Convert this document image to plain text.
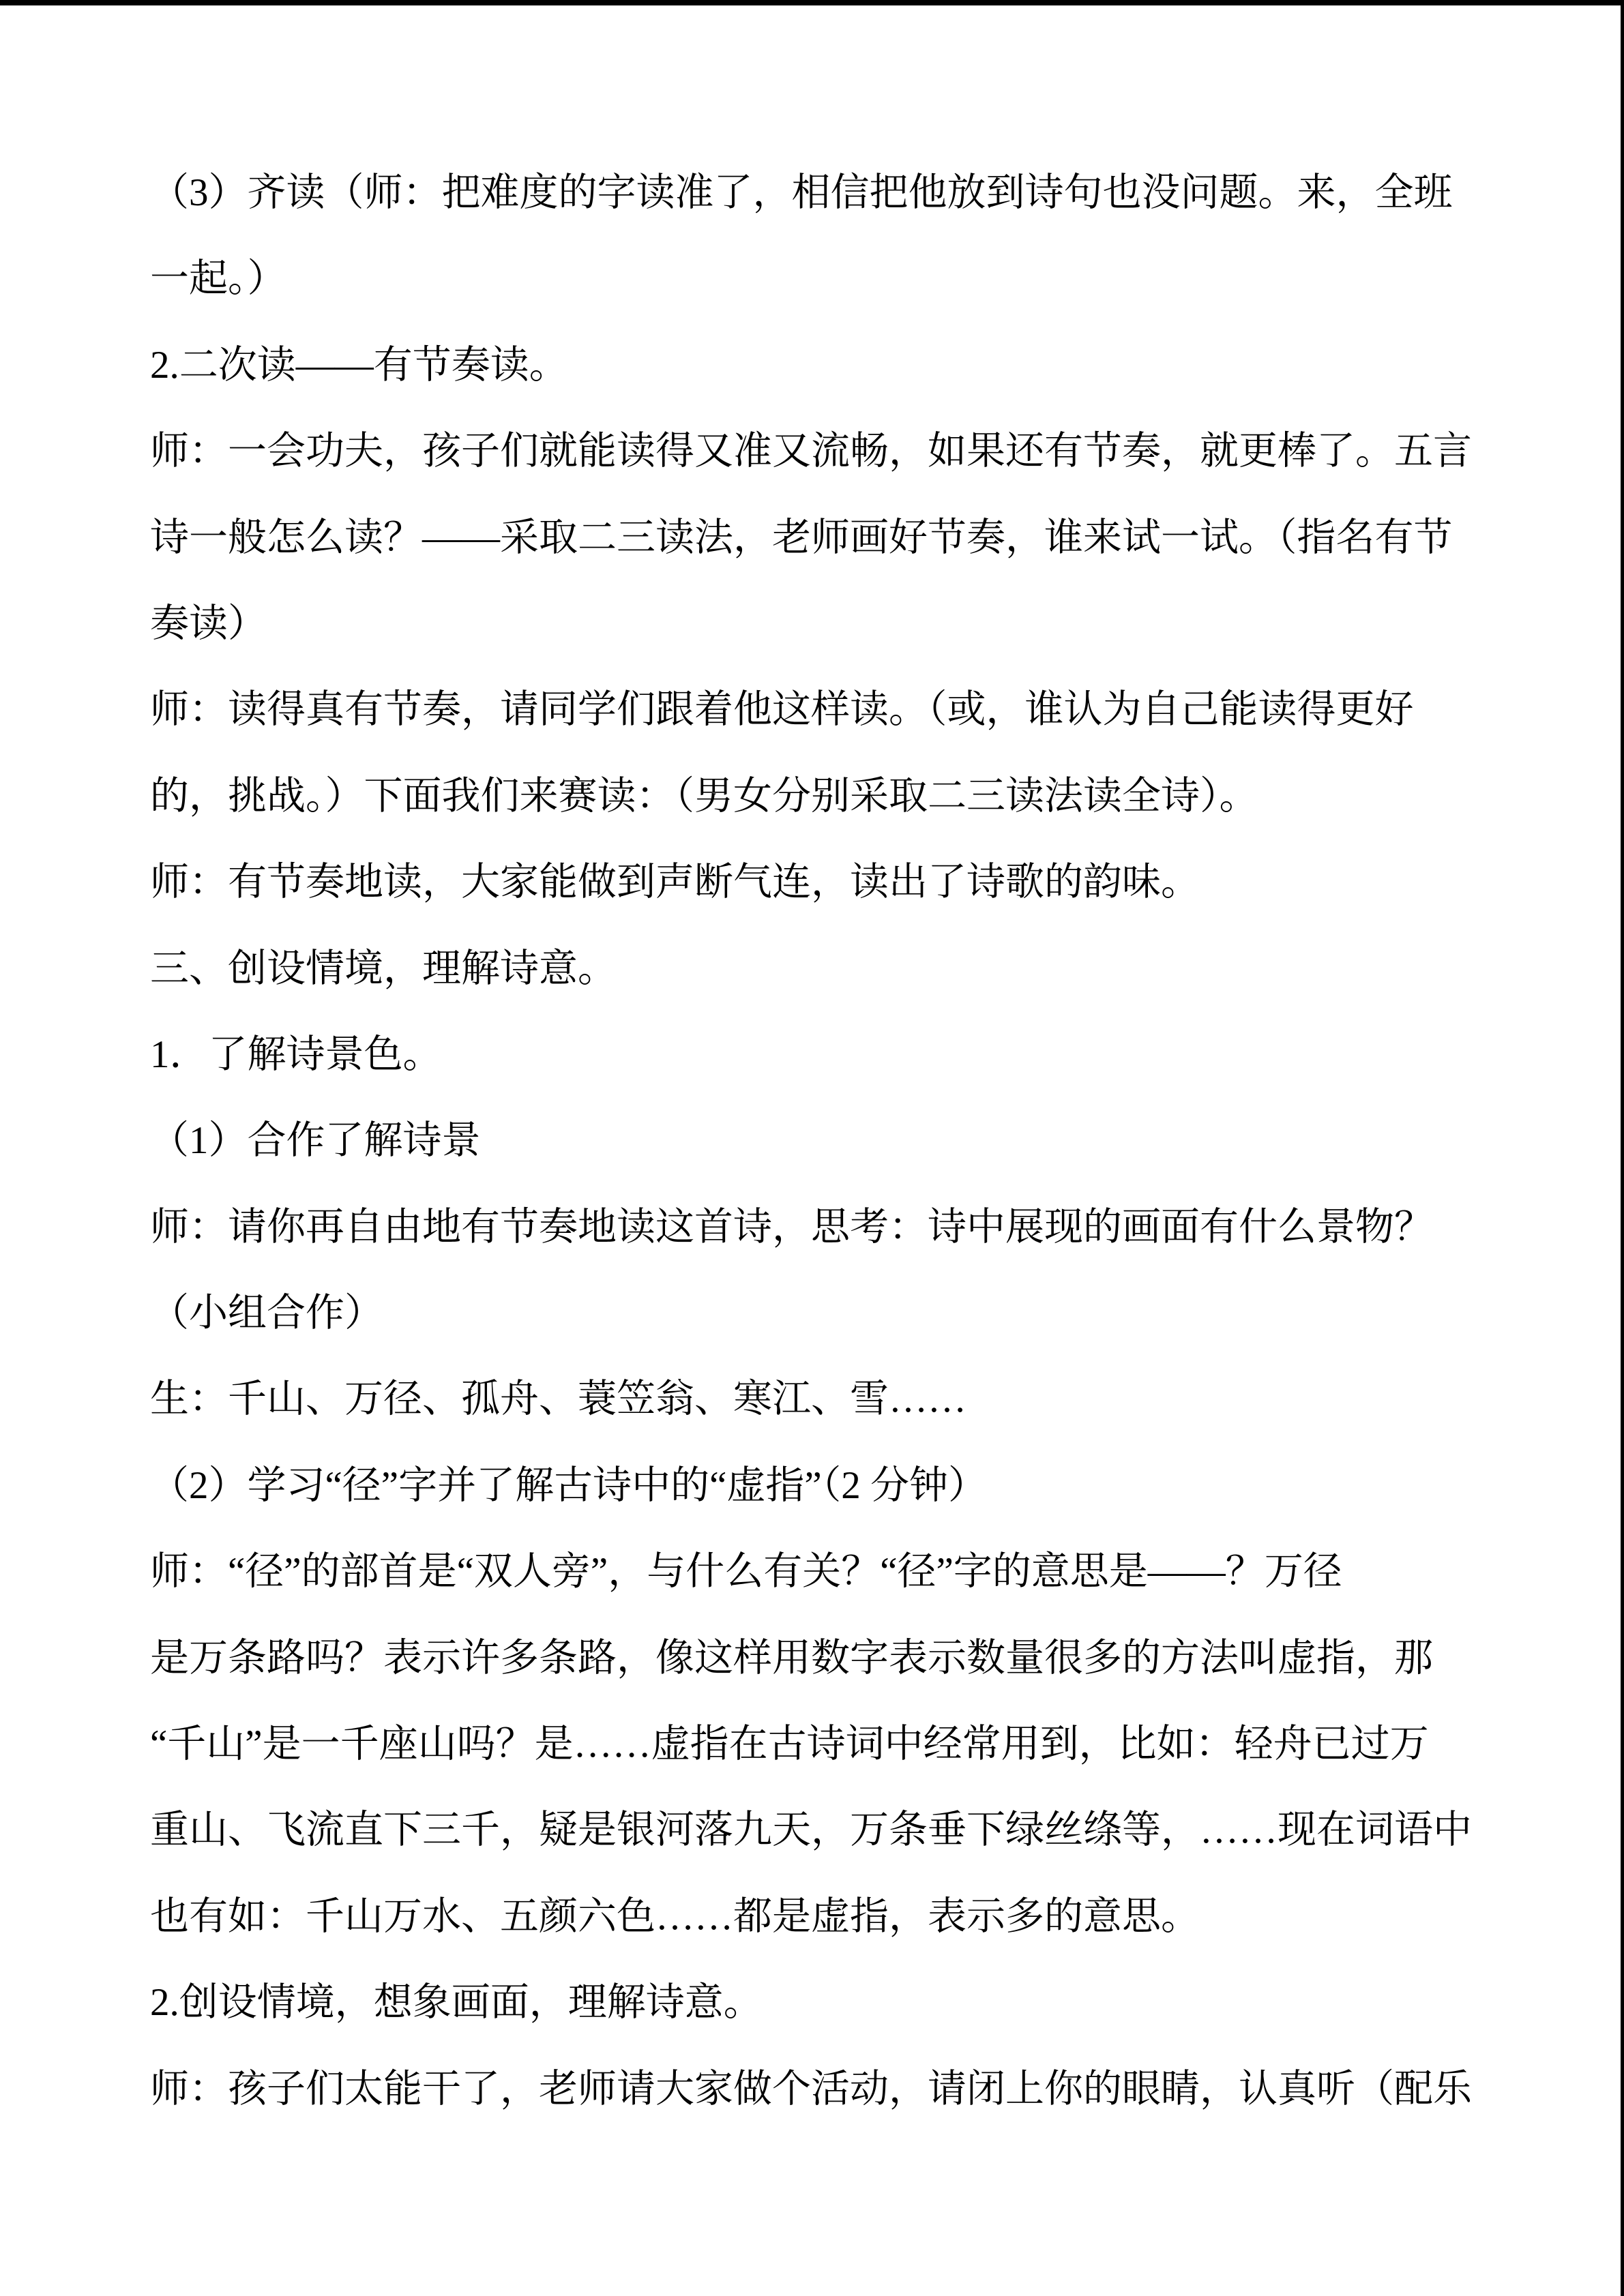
（3）齐读（师：把难度的字读准了，相信把他放到诗句也没问题。来，全班
一起。）
2.二次读——有节奏读。
师：一会功夫，孩子们就能读得又准又流畅，如果还有节奏，就更棒了。五言
诗一般怎么读？——采取二三读法，老师画好节奏，谁来试一试。（指名有节
奏读）
师：读得真有节奏，请同学们跟着他这样读。（或，谁认为自己能读得更好
的，挑战。）下面我们来赛读：（男女分别采取二三读法读全诗）。
师：有节奏地读，大家能做到声断气连，读出了诗歌的韵味。
三、创设情境，理解诗意。
1．了解诗景色。
（1）合作了解诗景
师：请你再自由地有节奏地读这首诗，思考：诗中展现的画面有什么景物？
（小组合作）
生：千山、万径、孤舟、蓑笠翁、寒江、雪……
（2）学习“径”字并了解古诗中的“虚指”（2 分钟）
师：“径”的部首是“双人旁”，与什么有关？“径”字的意思是——？万径
是万条路吗？表示许多条路，像这样用数字表示数量很多的方法叫虚指，那
“千山”是一千座山吗？是……虚指在古诗词中经常用到，比如：轻舟已过万
重山、飞流直下三千，疑是银河落九天，万条垂下绿丝绦等，……现在词语中
也有如：千山万水、五颜六色……都是虚指，表示多的意思。
2.创设情境，想象画面，理解诗意。
师：孩子们太能干了，老师请大家做个活动，请闭上你的眼睛，认真听（配乐
